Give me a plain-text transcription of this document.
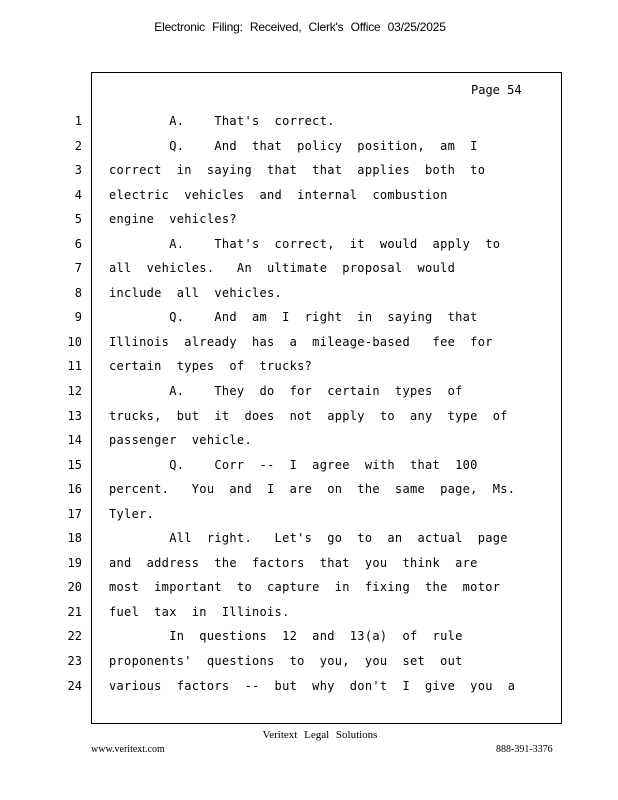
Electronic Filing: Received, Clerk's Office 03/25/2025
Page 54
1
2
3
4
5
6
7
8
9
10
11
12
13
14
15
16
17
18
19
20
21
22
23
24
A.    That's  correct.
Q.    And  that  policy  position,  am  I
correct  in  saying  that  that  applies  both  to
electric  vehicles  and  internal  combustion
engine  vehicles?
A.    That's  correct,  it  would  apply  to
all  vehicles.   An  ultimate  proposal  would
include  all  vehicles.
Q.    And  am  I  right  in  saying  that
Illinois  already  has  a  mileage-based   fee  for
certain  types  of  trucks?
A.    They  do  for  certain  types  of
trucks,  but  it  does  not  apply  to  any  type  of
passenger  vehicle.
Q.    Corr  --  I  agree  with  that  100
percent.   You  and  I  are  on  the  same  page,  Ms.
Tyler.
All  right.   Let's  go  to  an  actual  page
and  address  the  factors  that  you  think  are
most  important  to  capture  in  fixing  the  motor
fuel  tax  in  Illinois.
In  questions  12  and  13(a)  of  rule
proponents'  questions  to  you,  you  set  out
various  factors  --  but  why  don't  I  give  you  a
Veritext Legal Solutions
www.veritext.com	888-391-3376
